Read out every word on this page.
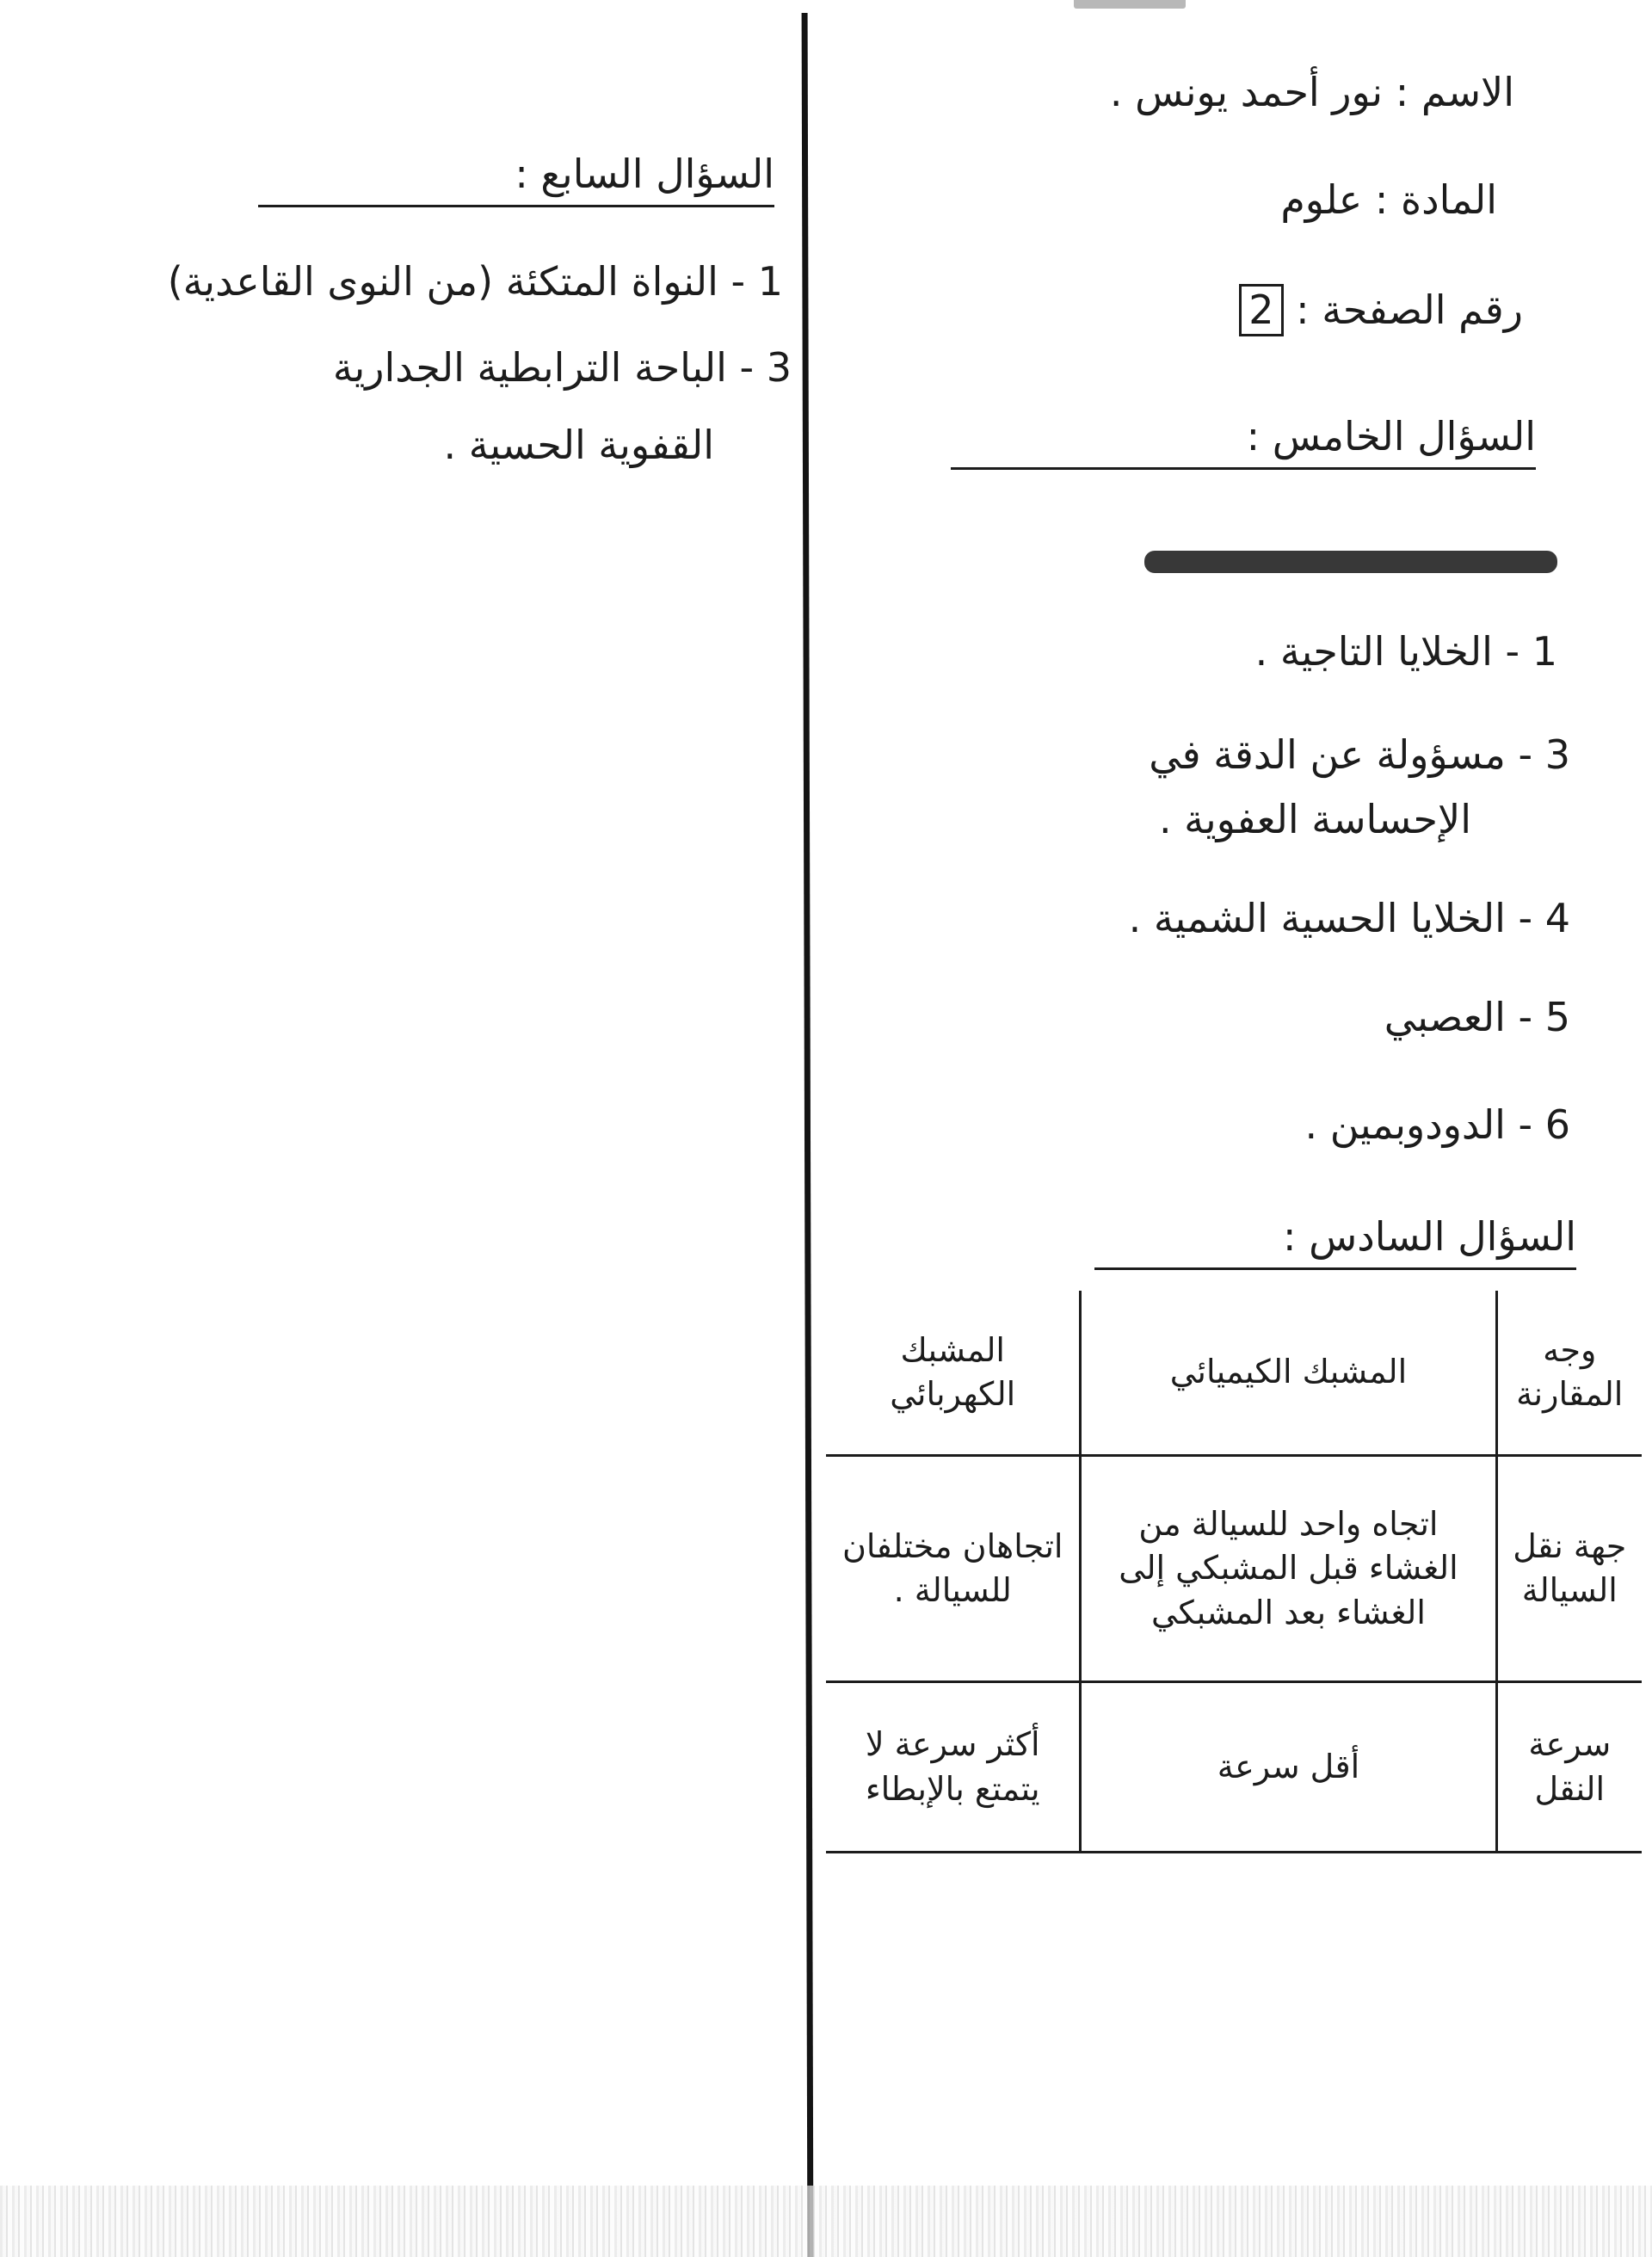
الاسم : نور أحمد يونس .
المادة : علوم
رقم الصفحة : 2
السؤال الخامس :
1 - الخلايا التاجية .
3 - مسؤولة عن الدقة في
الإحساسة العفوية .
4 - الخلايا الحسية الشمية .
5 - العصبي
6 - الدودوبمين .
السؤال السادس :
وجه المقارنة	المشبك الكيميائي	المشبك الكهربائي
جهة نقل السيالة	اتجاه واحد للسيالة من الغشاء قبل المشبكي إلى الغشاء بعد المشبكي	اتجاهان مختلفان للسيالة .
سرعة النقل	أقل سرعة	أكثر سرعة لا يتمتع بالإبطاء
السؤال السابع :
1 - النواة المتكئة (من النوى القاعدية)
3 - الباحة الترابطية الجدارية
القفوية الحسية .
